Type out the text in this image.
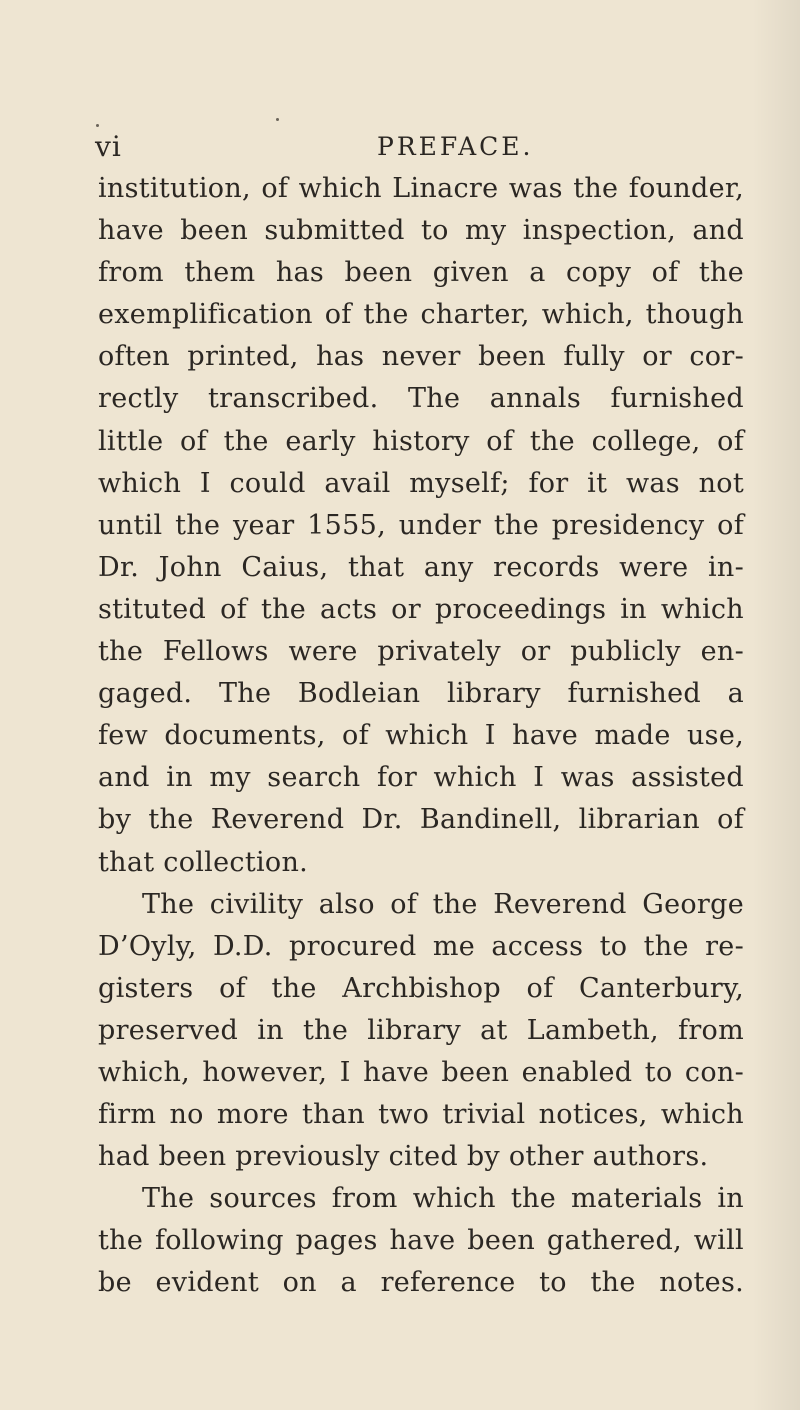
vi	PREFACE.
institution, of which Linacre was the founder,
have been submitted to my inspection, and
from them has been given a copy of the
exemplification of the charter, which, though
often printed, has never been fully or cor-
rectly transcribed. The annals furnished
little of the early history of the college, of
which I could avail myself; for it was not
until the year 1555, under the presidency of
Dr. John Caius, that any records were in-
stituted of the acts or proceedings in which
the Fellows were privately or publicly en-
gaged. The Bodleian library furnished a
few documents, of which I have made use,
and in my search for which I was assisted
by the Reverend Dr. Bandinell, librarian of
that collection.
The civility also of the Reverend George
D’Oyly, D.D. procured me access to the re-
gisters of the Archbishop of Canterbury,
preserved in the library at Lambeth, from
which, however, I have been enabled to con-
firm no more than two trivial notices, which
had been previously cited by other authors.
The sources from which the materials in
the following pages have been gathered, will
be evident on a reference to the notes.
